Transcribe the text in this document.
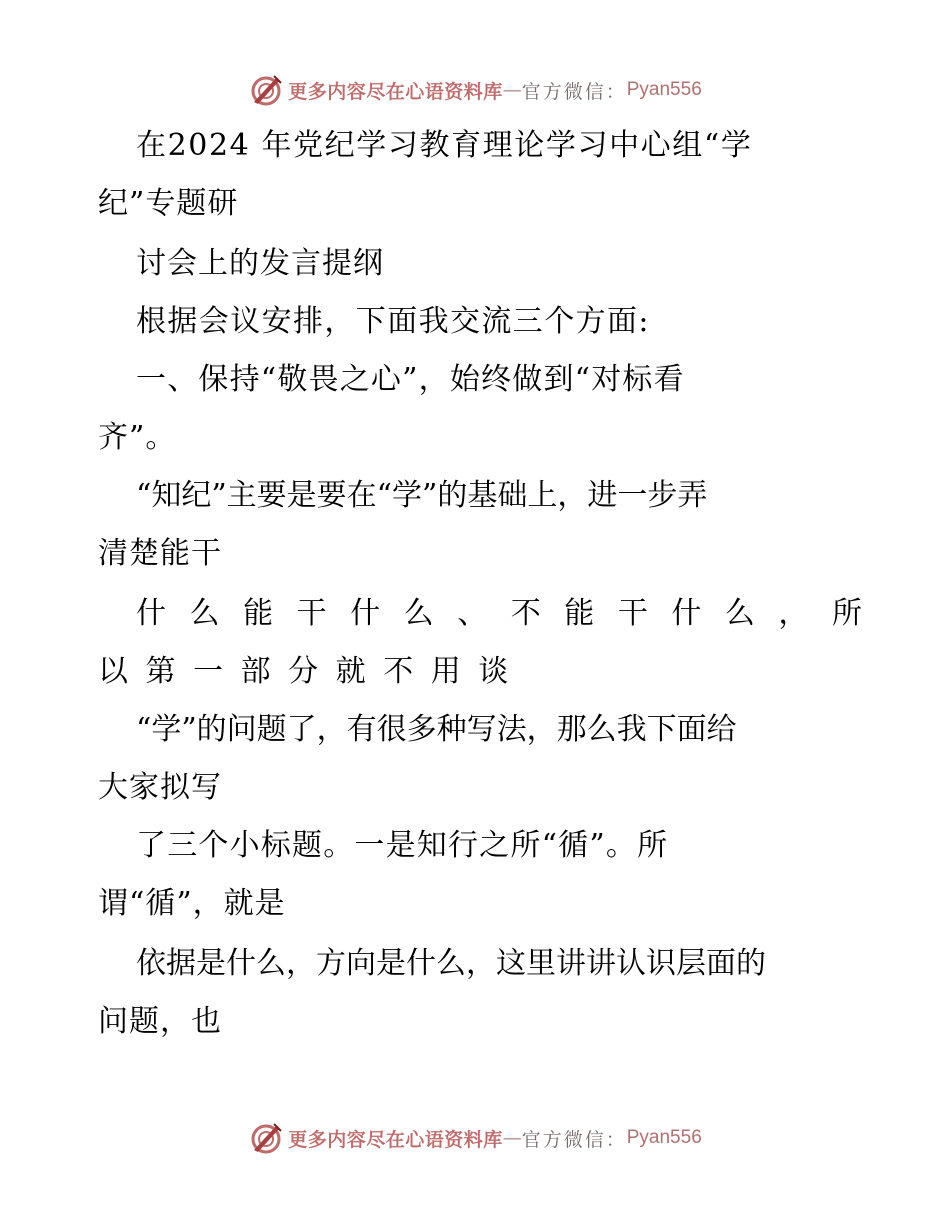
更多内容尽在心语资料库 — 官方微信： Pyan556
在2024 年党纪学习教育理论学习中心组“学
纪”专题研
讨会上的发言提纲
根据会议安排，下面我交流三个方面:
一、保持“敬畏之心”，始终做到“对标看
齐”。
“知纪”主要是要在“学”的基础上，进一步弄
清楚能干
什 么 能 干 什 么 、 不 能 干 什 么 ， 所
以 第 一 部 分 就 不 用 谈
“学”的问题了，有很多种写法，那么我下面给
大家拟写
了三个小标题。一是知行之所“循”。所
谓“循”，就是
依据是什么，方向是什么，这里讲讲认识层面的
问题，也
更多内容尽在心语资料库 — 官方微信： Pyan556
